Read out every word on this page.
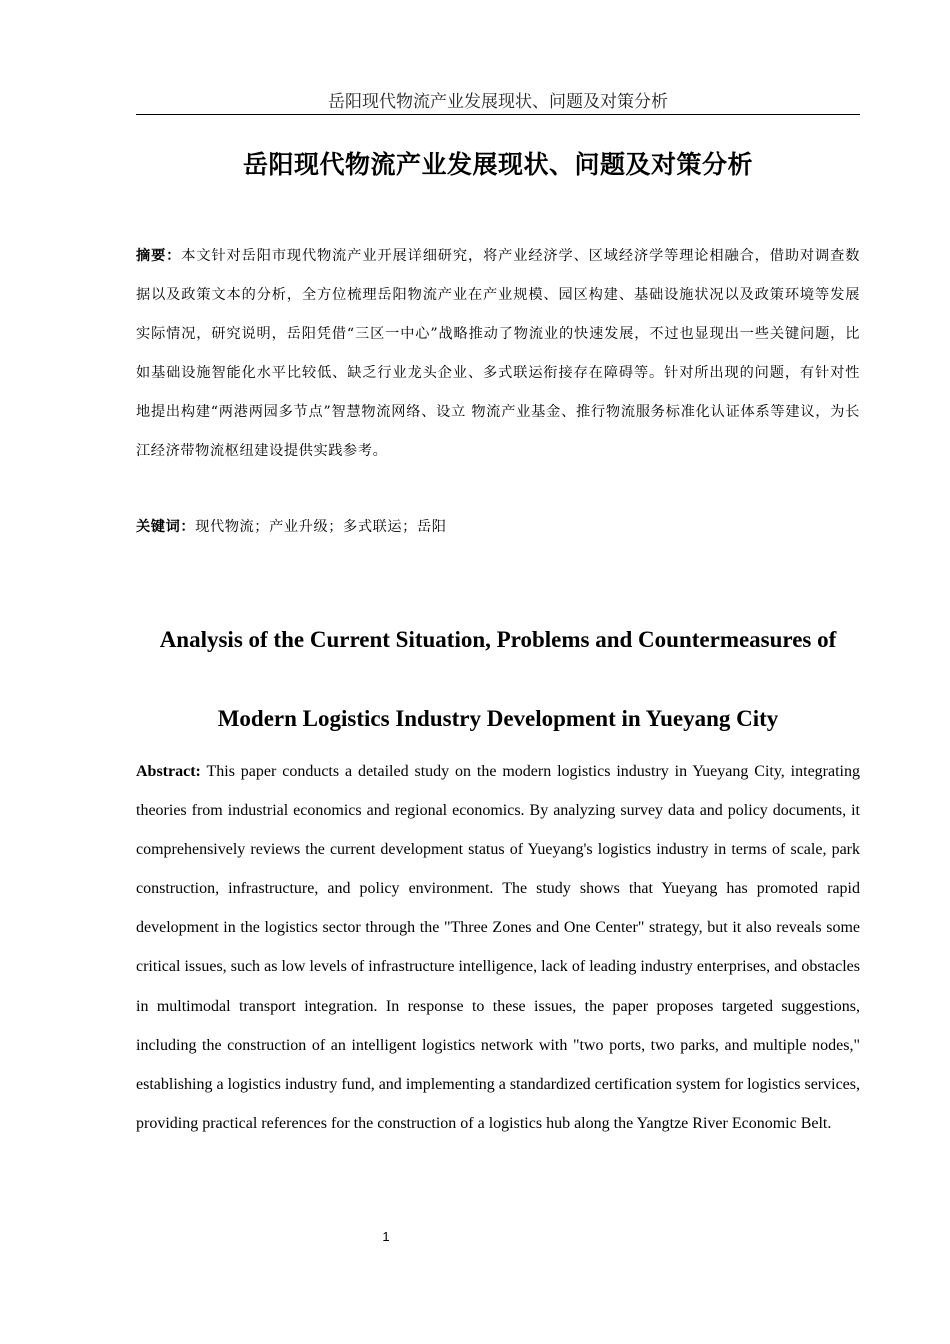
岳阳现代物流产业发展现状、问题及对策分析
岳阳现代物流产业发展现状、问题及对策分析
摘要：本文针对岳阳市现代物流产业开展详细研究，将产业经济学、区域经济学等理论相融合，借助对调查数据以及政策文本的分析，全方位梳理岳阳物流产业在产业规模、园区构建、基础设施状况以及政策环境等发展实际情况，研究说明，岳阳凭借“三区一中心”战略推动了物流业的快速发展，不过也显现出一些关键问题，比如基础设施智能化水平比较低、缺乏行业龙头企业、多式联运衔接存在障碍等。针对所出现的问题，有针对性地提出构建“两港两园多节点”智慧物流网络、设立 物流产业基金、推行物流服务标准化认证体系等建议，为长江经济带物流枢纽建设提供实践参考。
关键词：现代物流；产业升级；多式联运；岳阳
Analysis of the Current Situation, Problems and Countermeasures of
Modern Logistics Industry Development in Yueyang City
Abstract: This paper conducts a detailed study on the modern logistics industry in Yueyang City, integrating theories from industrial economics and regional economics. By analyzing survey data and policy documents, it comprehensively reviews the current development status of Yueyang's logistics industry in terms of scale, park construction, infrastructure, and policy environment. The study shows that Yueyang has promoted rapid development in the logistics sector through the "Three Zones and One Center" strategy, but it also reveals some critical issues, such as low levels of infrastructure intelligence, lack of leading industry enterprises, and obstacles in multimodal transport integration. In response to these issues, the paper proposes targeted suggestions, including the construction of an intelligent logistics network with "two ports, two parks, and multiple nodes," establishing a logistics industry fund, and implementing a standardized certification system for logistics services, providing practical references for the construction of a logistics hub along the Yangtze River Economic Belt.
1
